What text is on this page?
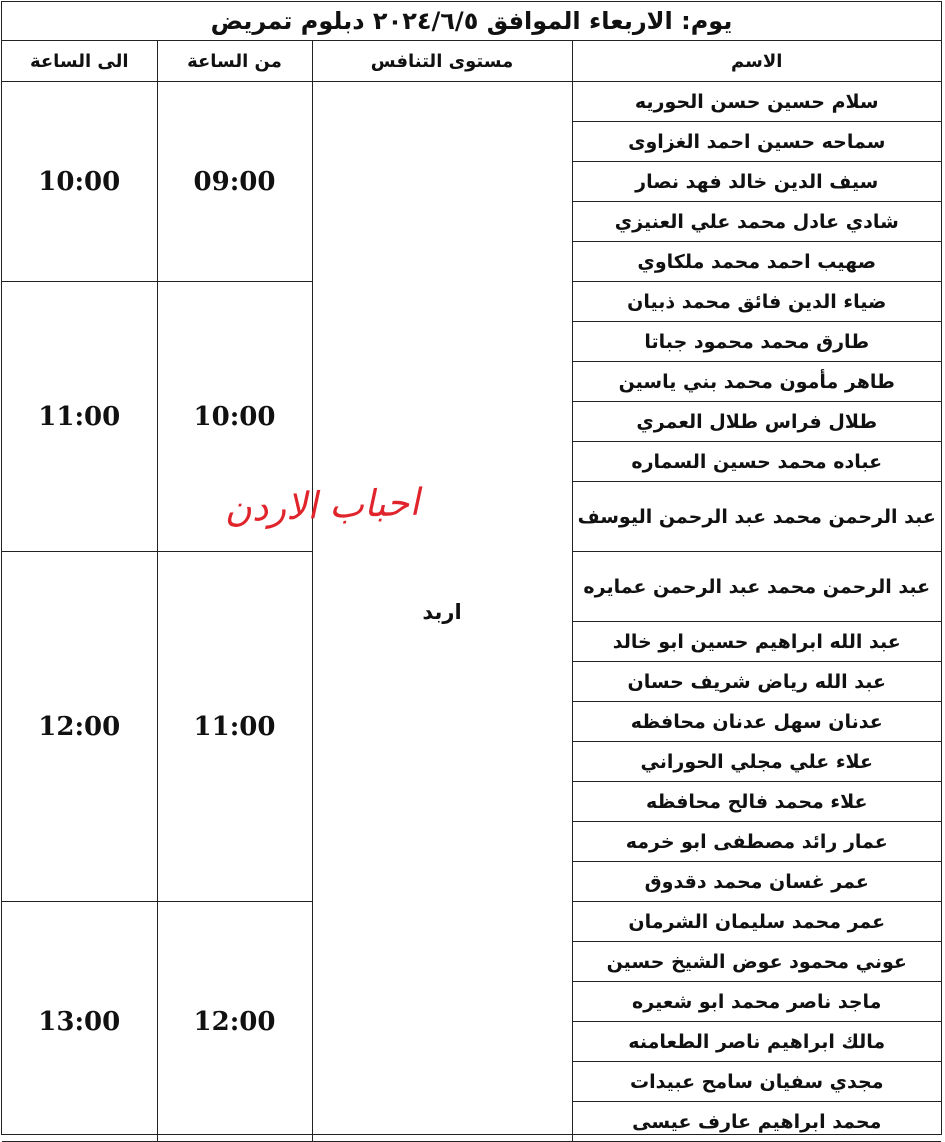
يوم: الاربعاء الموافق ٢٠٢٤/٦/٥ دبلوم تمريض
الى الساعة	من الساعة	مستوى التنافس	الاسم
10:00	09:00	اربد	سلام حسين حسن الحوريه
			سماحه حسين احمد الغزاوى
			سيف الدين خالد فهد نصار
			شادي عادل محمد علي العنيزي
			صهيب احمد محمد ملكاوي
11:00	10:00		ضياء الدين فائق محمد ذبيان
			طارق محمد محمود جباتا
			طاهر مأمون محمد بني ياسين
			طلال فراس طلال العمري
			عباده محمد حسين السماره
			عبد الرحمن محمد عبد الرحمن اليوسف
12:00	11:00		عبد الرحمن محمد عبد الرحمن عمايره
			عبد الله ابراهيم حسين ابو خالد
			عبد الله رياض شريف حسان
			عدنان سهل عدنان محافظه
			علاء علي مجلي الحوراني
			علاء محمد فالح محافظه
			عمار رائد مصطفى ابو خرمه
			عمر غسان محمد دقدوق
13:00	12:00		عمر محمد سليمان الشرمان
			عوني محمود عوض الشيخ حسين
			ماجد ناصر محمد ابو شعيره
			مالك ابراهيم ناصر الطعامنه
			مجدي سفيان سامح عبيدات
			محمد ابراهيم عارف عيسى
احباب الاردن
